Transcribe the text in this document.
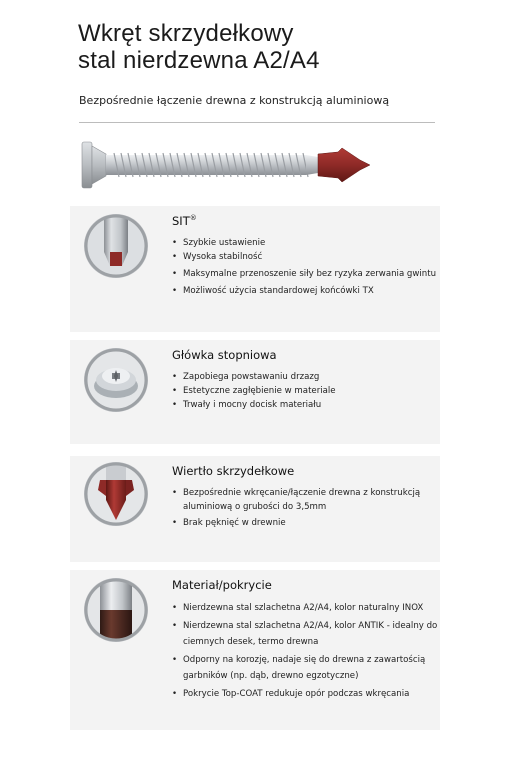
Wkręt skrzydełkowy
stal nierdzewna A2/A4
Bezpośrednie łączenie drewna z konstrukcją aluminiową
SIT®
• Szybkie ustawienie
• Wysoka stabilność
• Maksymalne przenoszenie siły bez ryzyka zerwania gwintu
• Możliwość użycia standardowej końcówki TX
Główka stopniowa
• Zapobiega powstawaniu drzazg
• Estetyczne zagłębienie w materiale
• Trwały i mocny docisk materiału
Wiertło skrzydełkowe
• Bezpośrednie wkręcanie/łączenie drewna z konstrukcją aluminiową o grubości do 3,5mm
• Brak pęknięć w drewnie
Materiał/pokrycie
• Nierdzewna stal szlachetna A2/A4, kolor naturalny INOX
• Nierdzewna stal szlachetna A2/A4, kolor ANTIK - idealny do ciemnych desek, termo drewna
• Odporny na korozję, nadaje się do drewna z zawartością garbników (np. dąb, drewno egzotyczne)
• Pokrycie Top-COAT redukuje opór podczas wkręcania
